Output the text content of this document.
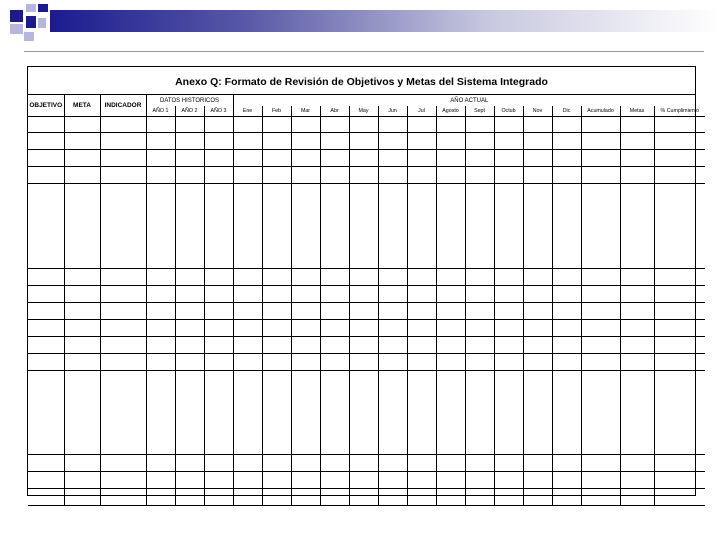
Anexo Q: Formato de Revisión de Objetivos y Metas del Sistema Integrado
OBJETIVO	META	INDICADOR	DATOS HISTORICOS			AÑO ACTUAL														
			AÑO 1	AÑO 2	AÑO 3	Ene	Feb	Mar	Abr	May	Jun	Jul	Agosto	Sept	Octub	Nov	Dic	Acumulado	Metas	% Cumplimiento
